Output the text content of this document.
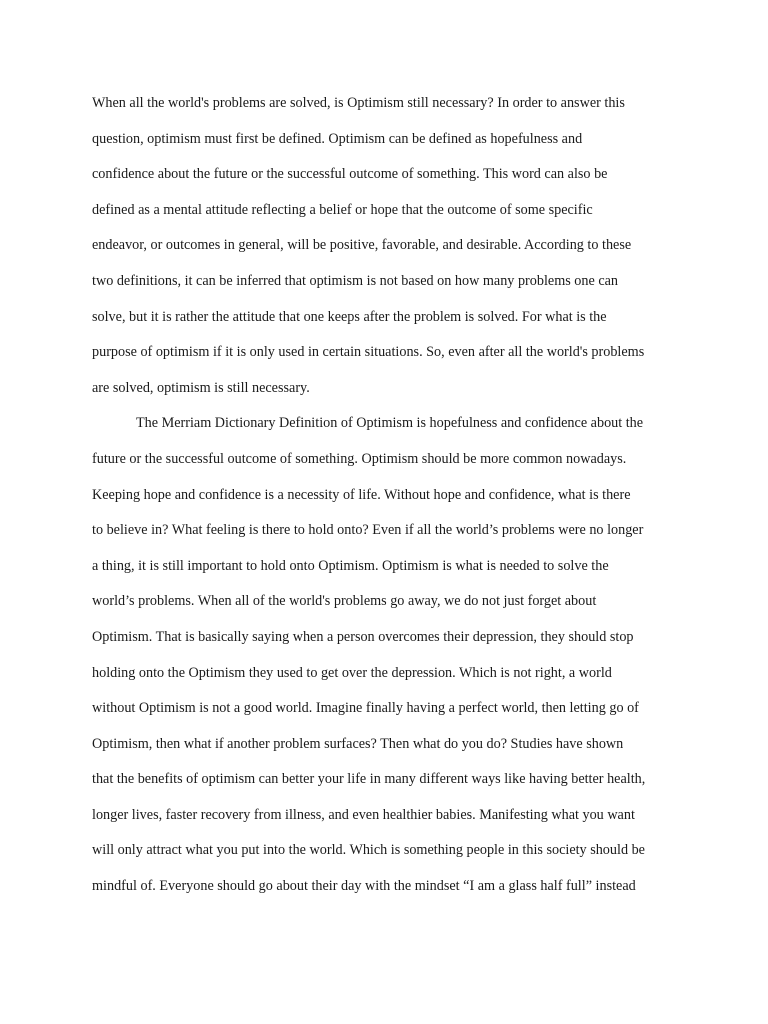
When all the world's problems are solved, is Optimism still necessary? In order to answer this
question, optimism must first be defined. Optimism can be defined as hopefulness and
confidence about the future or the successful outcome of something. This word can also be
defined as a mental attitude reflecting a belief or hope that the outcome of some specific
endeavor, or outcomes in general, will be positive, favorable, and desirable. According to these
two definitions, it can be inferred that optimism is not based on how many problems one can
solve, but it is rather the attitude that one keeps after the problem is solved. For what is the
purpose of optimism if it is only used in certain situations. So, even after all the world's problems
are solved, optimism is still necessary.
The Merriam Dictionary Definition of Optimism is hopefulness and confidence about the
future or the successful outcome of something. Optimism should be more common nowadays.
Keeping hope and confidence is a necessity of life. Without hope and confidence, what is there
to believe in? What feeling is there to hold onto? Even if all the world’s problems were no longer
a thing, it is still important to hold onto Optimism. Optimism is what is needed to solve the
world’s problems. When all of the world's problems go away, we do not just forget about
Optimism. That is basically saying when a person overcomes their depression, they should stop
holding onto the Optimism they used to get over the depression. Which is not right, a world
without Optimism is not a good world. Imagine finally having a perfect world, then letting go of
Optimism, then what if another problem surfaces? Then what do you do? Studies have shown
that the benefits of optimism can better your life in many different ways like having better health,
longer lives, faster recovery from illness, and even healthier babies. Manifesting what you want
will only attract what you put into the world. Which is something people in this society should be
mindful of. Everyone should go about their day with the mindset “I am a glass half full” instead
